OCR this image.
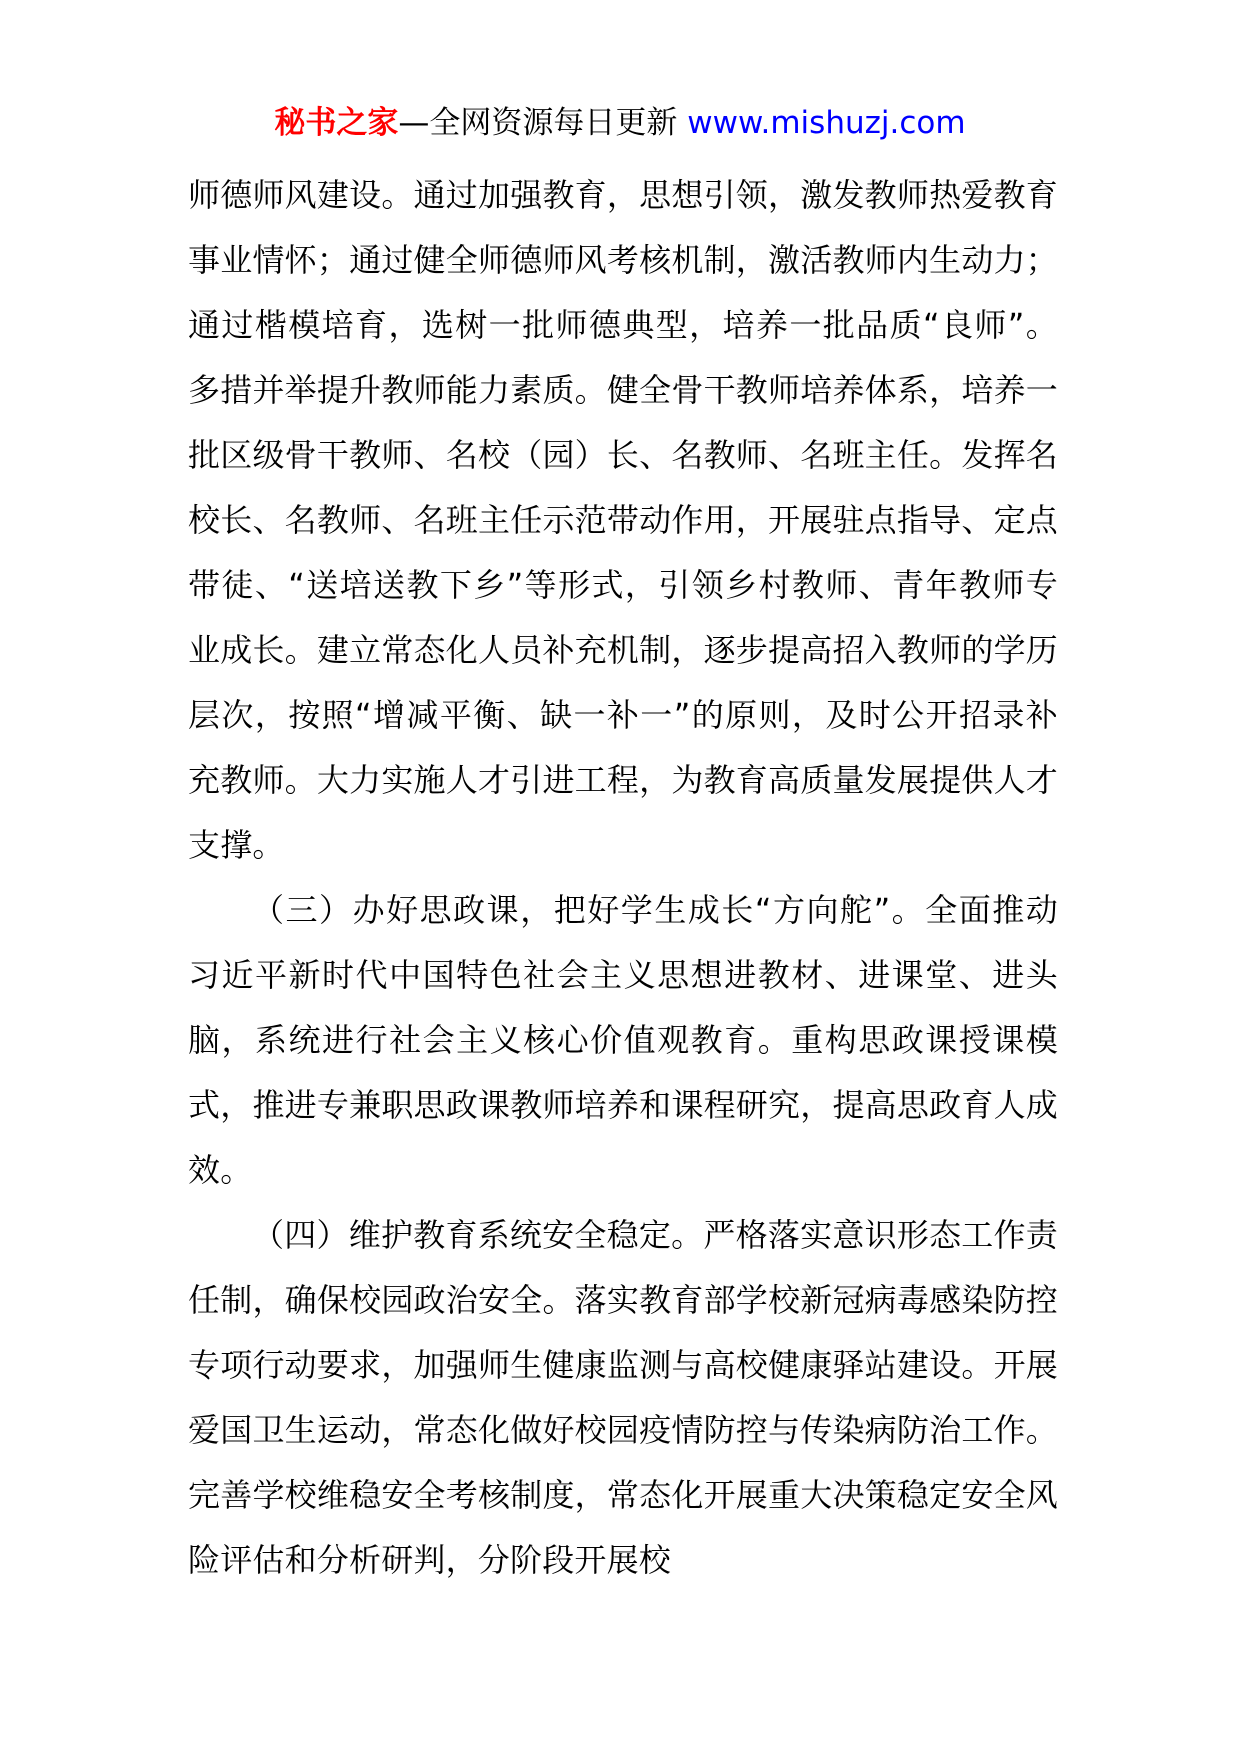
秘书之家—全网资源每日更新 www.mishuzj.com

师德师风建设。通过加强教育，思想引领，激发教师热爱教育事业情怀；通过健全师德师风考核机制，激活教师内生动力；通过楷模培育，选树一批师德典型，培养一批品质“良师”。多措并举提升教师能力素质。健全骨干教师培养体系，培养一批区级骨干教师、名校（园）长、名教师、名班主任。发挥名校长、名教师、名班主任示范带动作用，开展驻点指导、定点带徒、“送培送教下乡”等形式，引领乡村教师、青年教师专业成长。建立常态化人员补充机制，逐步提高招入教师的学历层次，按照“增减平衡、缺一补一”的原则，及时公开招录补充教师。大力实施人才引进工程，为教育高质量发展提供人才支撑。

（三）办好思政课，把好学生成长“方向舵”。全面推动习近平新时代中国特色社会主义思想进教材、进课堂、进头脑，系统进行社会主义核心价值观教育。重构思政课授课模式，推进专兼职思政课教师培养和课程研究，提高思政育人成效。

（四）维护教育系统安全稳定。严格落实意识形态工作责任制，确保校园政治安全。落实教育部学校新冠病毒感染防控专项行动要求，加强师生健康监测与高校健康驿站建设。开展爱国卫生运动，常态化做好校园疫情防控与传染病防治工作。完善学校维稳安全考核制度，常态化开展重大决策稳定安全风险评估和分析研判，分阶段开展校
